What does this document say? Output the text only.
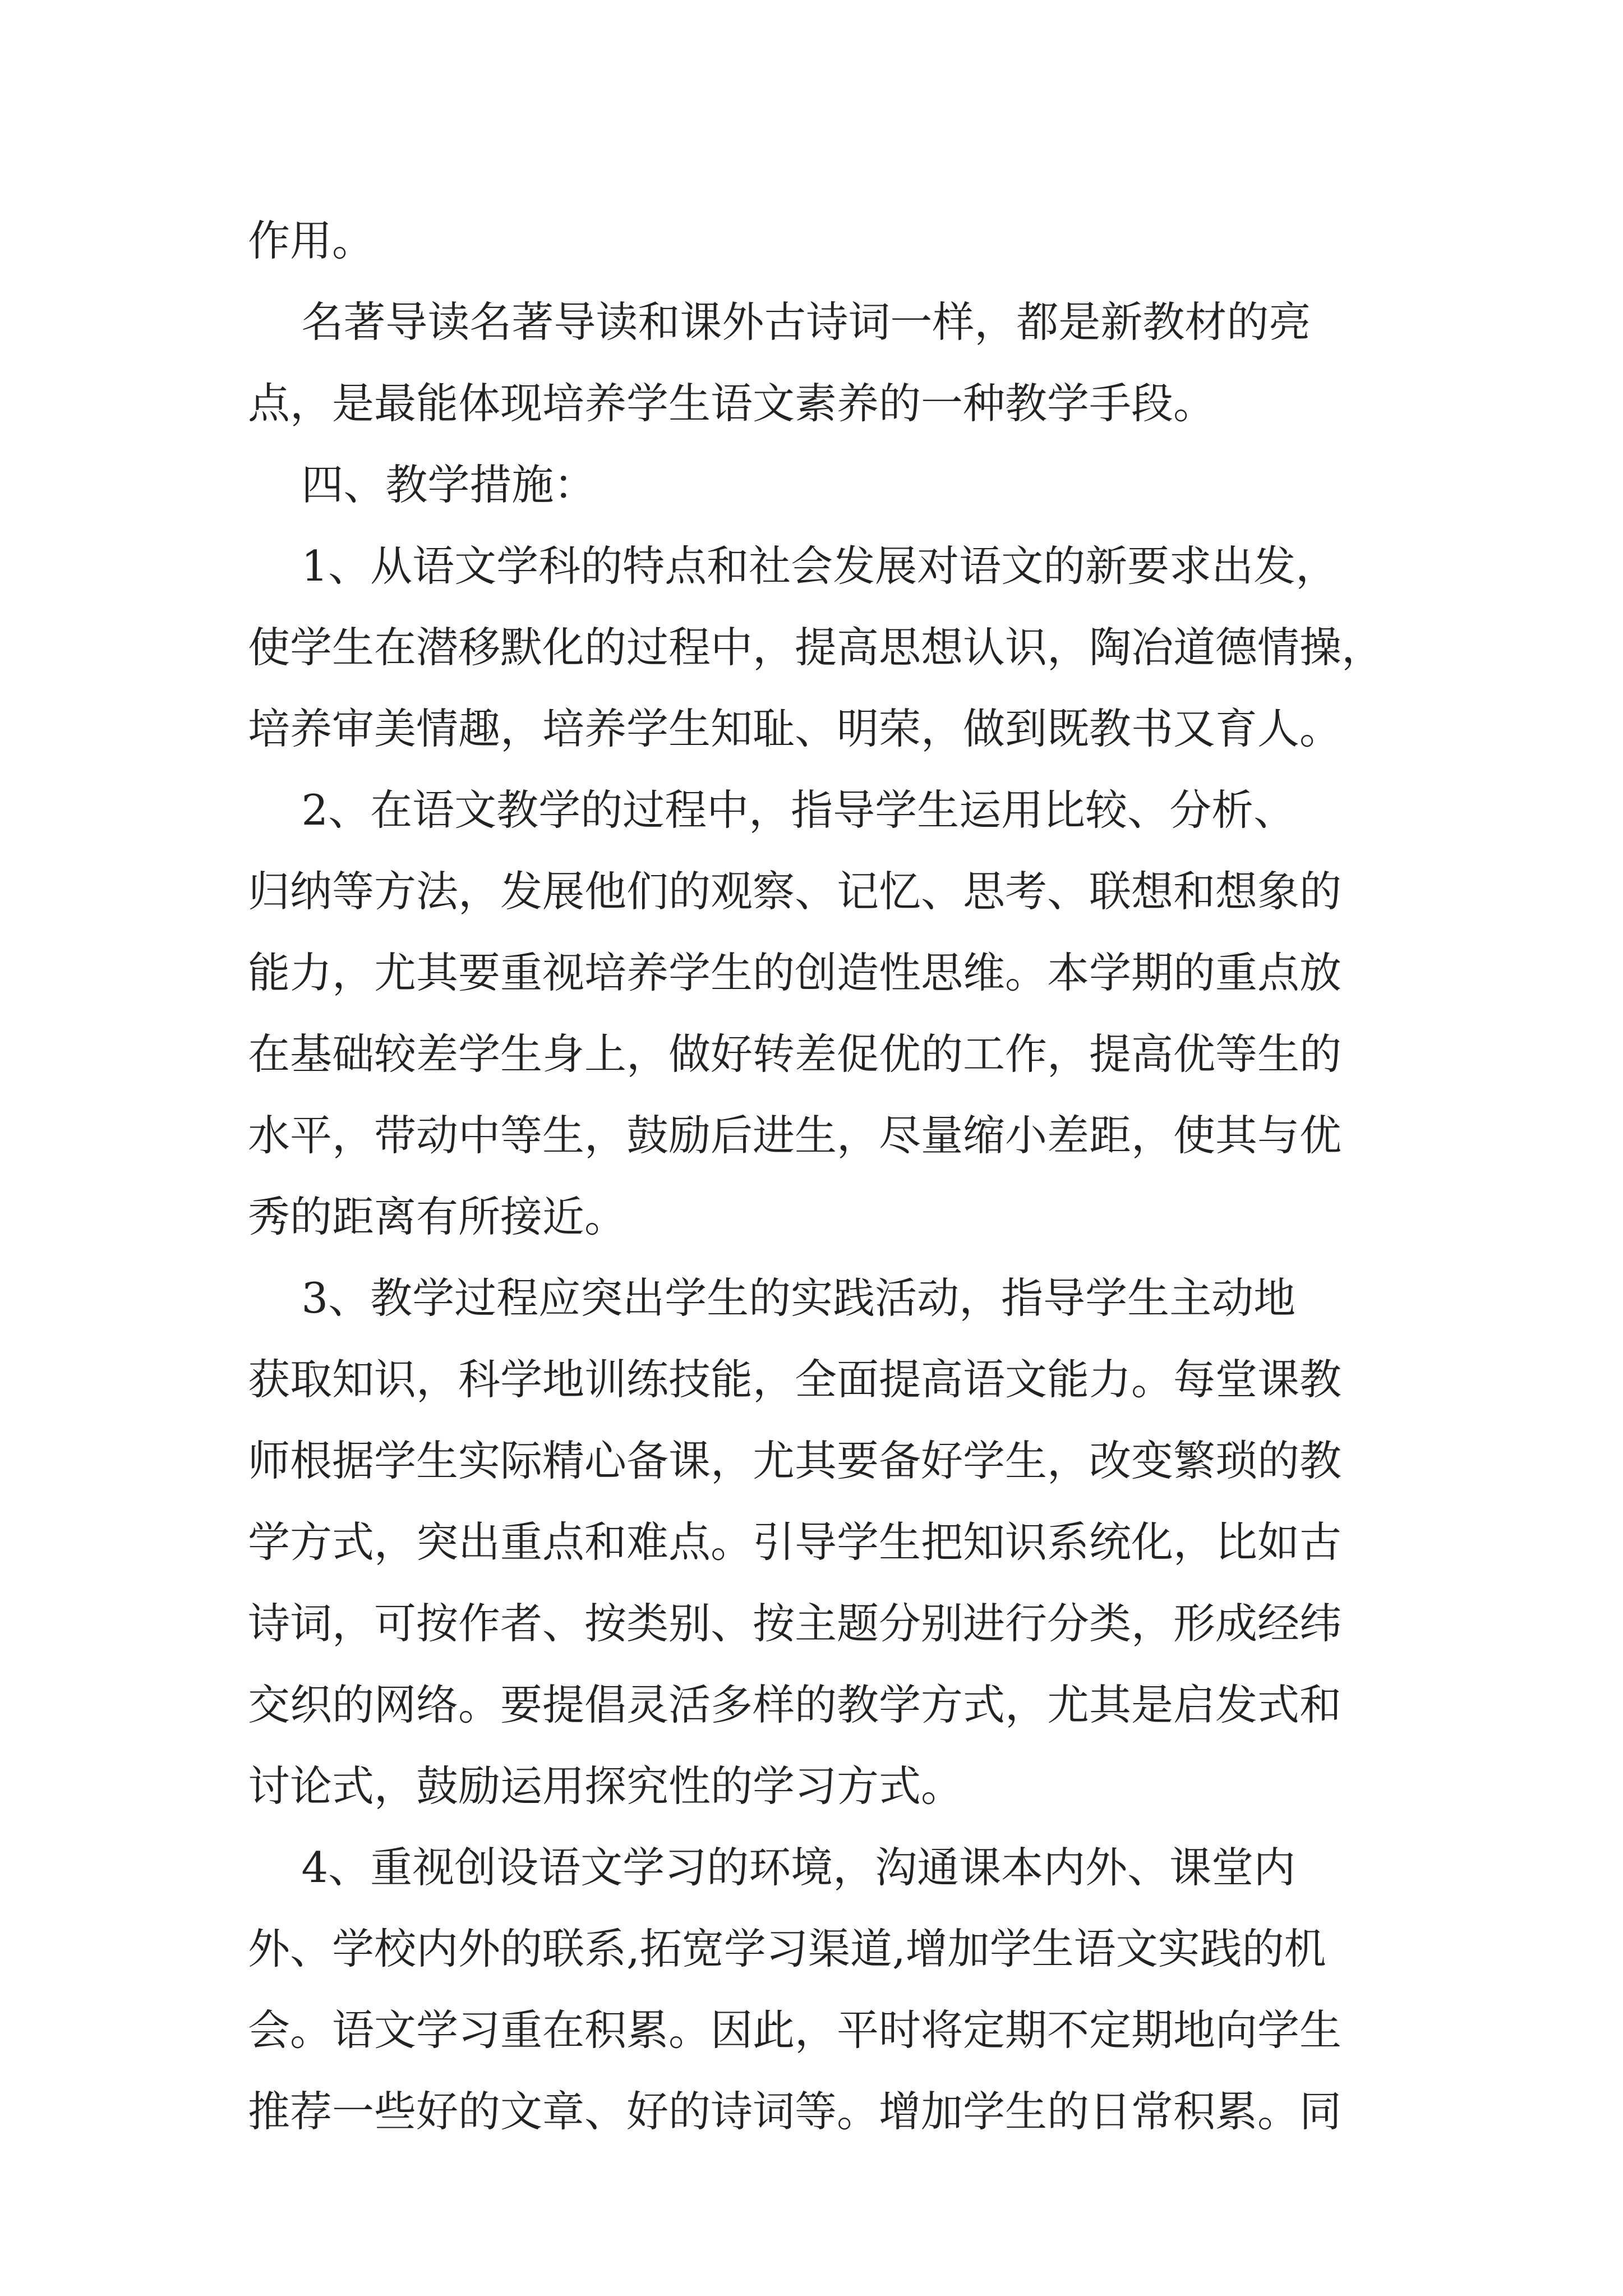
作用。
名著导读名著导读和课外古诗词一样，都是新教材的亮
点，是最能体现培养学生语文素养的一种教学手段。
四、教学措施：
1、从语文学科的特点和社会发展对语文的新要求出发，
使学生在潜移默化的过程中，提高思想认识，陶冶道德情操，
培养审美情趣，培养学生知耻、明荣，做到既教书又育人。
2、在语文教学的过程中，指导学生运用比较、分析、
归纳等方法，发展他们的观察、记忆、思考、联想和想象的
能力，尤其要重视培养学生的创造性思维。本学期的重点放
在基础较差学生身上，做好转差促优的工作，提高优等生的
水平，带动中等生，鼓励后进生，尽量缩小差距，使其与优
秀的距离有所接近。
3、教学过程应突出学生的实践活动，指导学生主动地
获取知识，科学地训练技能，全面提高语文能力。每堂课教
师根据学生实际精心备课，尤其要备好学生，改变繁琐的教
学方式，突出重点和难点。引导学生把知识系统化，比如古
诗词，可按作者、按类别、按主题分别进行分类，形成经纬
交织的网络。要提倡灵活多样的教学方式，尤其是启发式和
讨论式，鼓励运用探究性的学习方式。
4、重视创设语文学习的环境，沟通课本内外、课堂内
外、学校内外的联系,拓宽学习渠道,增加学生语文实践的机
会。语文学习重在积累。因此，平时将定期不定期地向学生
推荐一些好的文章、好的诗词等。增加学生的日常积累。同
